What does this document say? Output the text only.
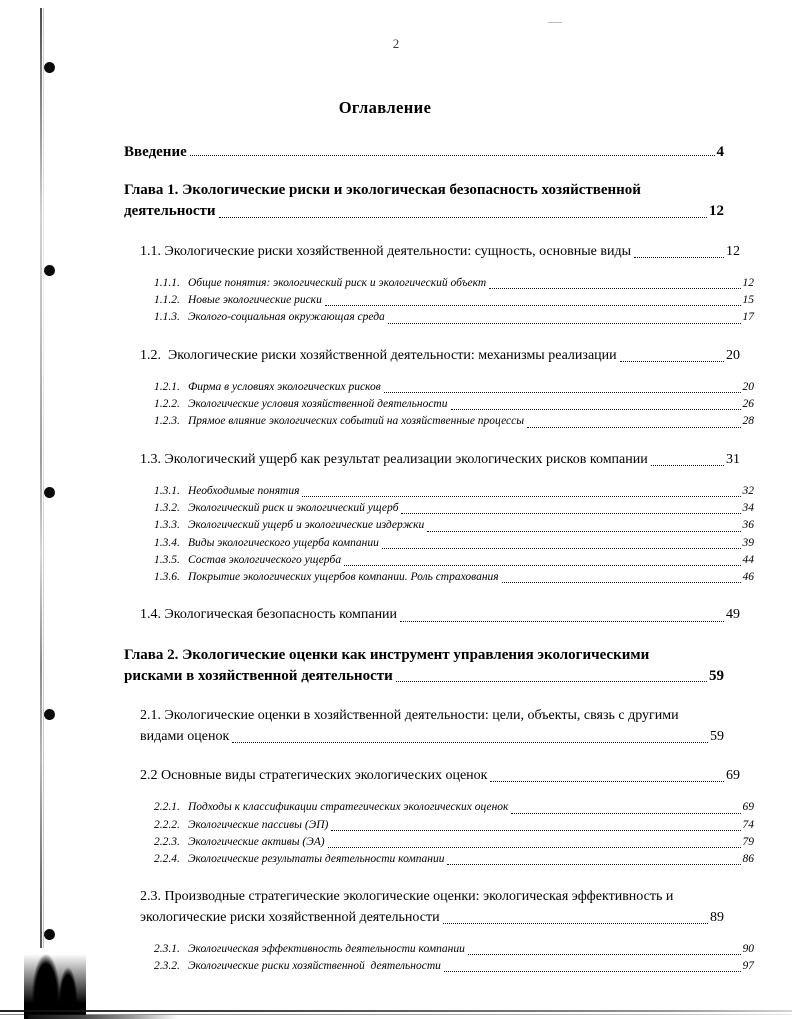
2
Оглавление
Введение	4
Глава 1. Экологические риски и экологическая безопасность хозяйственной
деятельности	12
1.1. Экологические риски хозяйственной деятельности: сущность, основные виды	12
1.1.1. Общие понятия: экологический риск и экологический объект	12
1.1.2. Новые экологические риски	15
1.1.3. Эколого-социальная окружающая среда	17
1.2.  Экологические риски хозяйственной деятельности: механизмы реализации	20
1.2.1. Фирма в условиях экологических рисков	20
1.2.2. Экологические условия хозяйственной деятельности	26
1.2.3. Прямое влияние экологических событий на хозяйственные процессы	28
1.3. Экологический ущерб как результат реализации экологических рисков компании	31
1.3.1. Необходимые понятия	32
1.3.2. Экологический риск и экологический ущерб	34
1.3.3. Экологический ущерб и экологические издержки	36
1.3.4. Виды экологического ущерба компании	39
1.3.5. Состав экологического ущерба	44
1.3.6. Покрытие экологических ущербов компании. Роль страхования	46
1.4. Экологическая безопасность компании	49
Глава 2. Экологические оценки как инструмент управления экологическими
рисками в хозяйственной деятельности	59
2.1. Экологические оценки в хозяйственной деятельности: цели, объекты, связь с другими
видами оценок	59
2.2 Основные виды стратегических экологических оценок	69
2.2.1. Подходы к классификации стратегических экологических оценок	69
2.2.2. Экологические пассивы (ЭП)	74
2.2.3. Экологические активы (ЭА)	79
2.2.4. Экологические результаты деятельности компании	86
2.3. Производные стратегические экологические оценки: экологическая эффективность и
экологические риски хозяйственной деятельности	89
2.3.1. Экологическая эффективность деятельности компании	90
2.3.2. Экологические риски хозяйственной  деятельности	97
